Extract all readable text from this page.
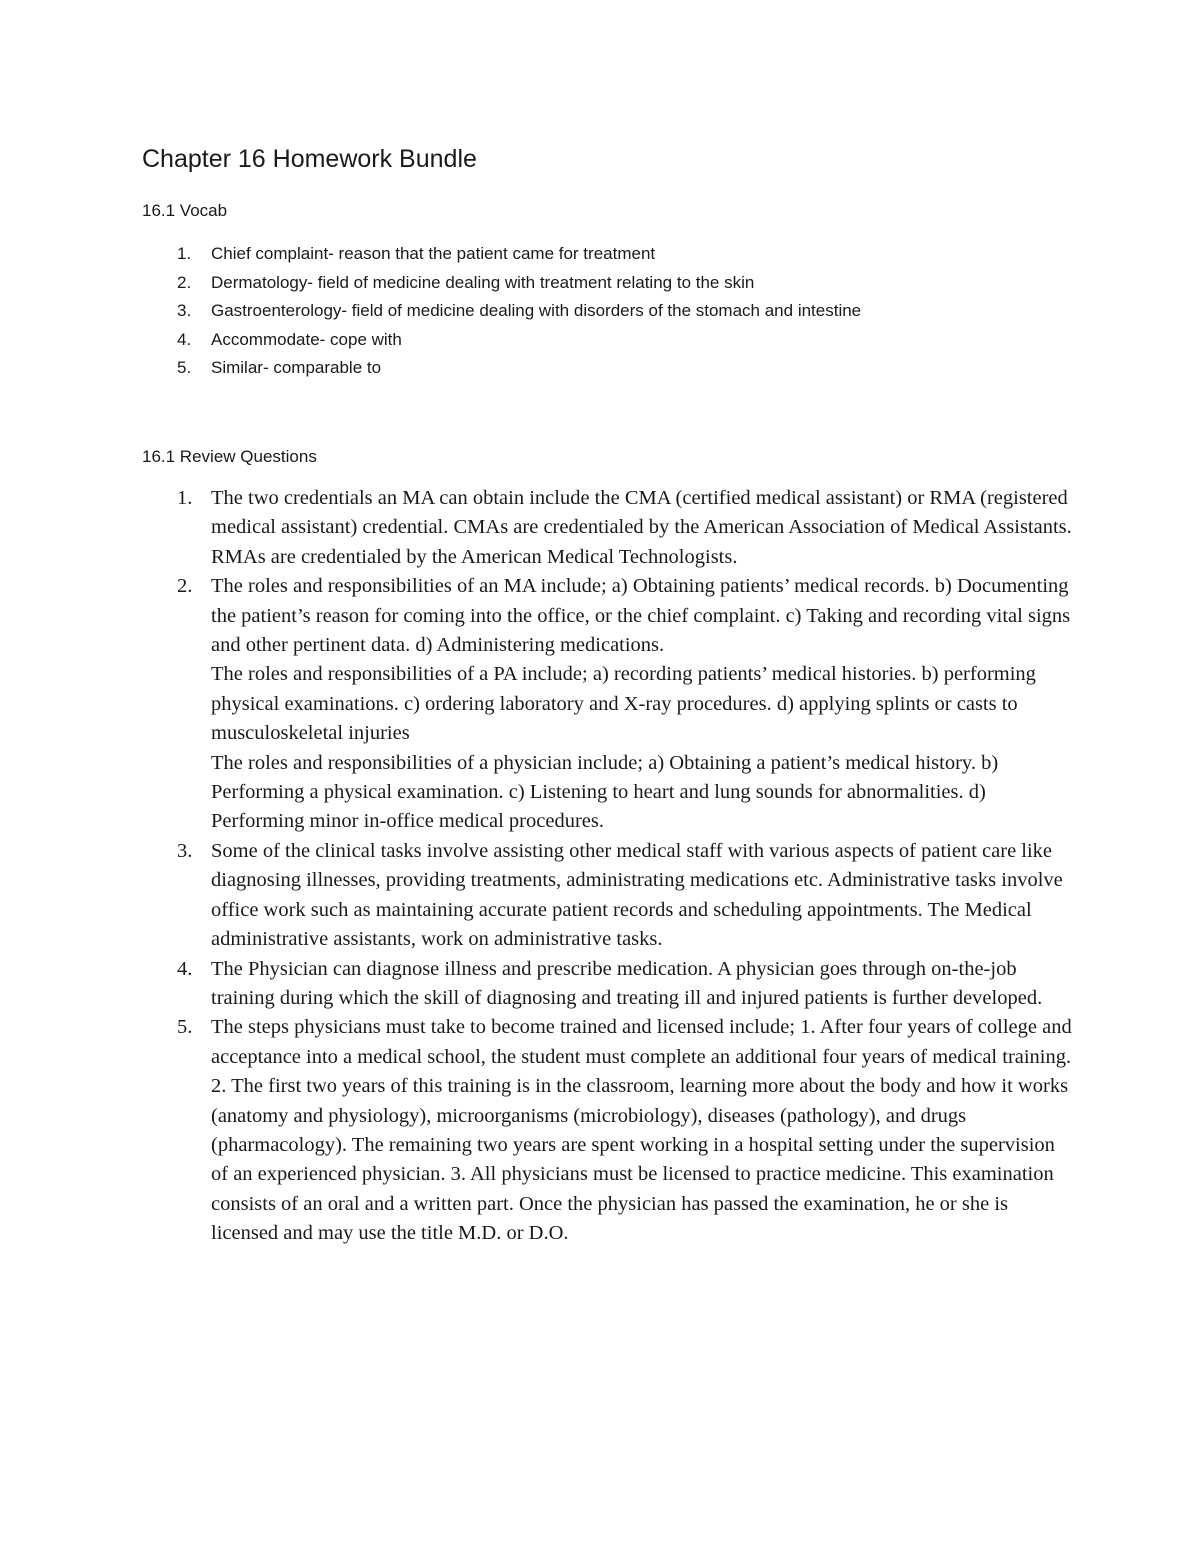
Chapter 16 Homework Bundle
16.1 Vocab
1. Chief complaint- reason that the patient came for treatment
2. Dermatology- field of medicine dealing with treatment relating to the skin
3. Gastroenterology- field of medicine dealing with disorders of the stomach and intestine
4. Accommodate- cope with
5. Similar- comparable to
16.1 Review Questions
1. The two credentials an MA can obtain include the CMA (certified medical assistant) or RMA (registered medical assistant) credential. CMAs are credentialed by the American Association of Medical Assistants. RMAs are credentialed by the American Medical Technologists.

2. The roles and responsibilities of an MA include; a) Obtaining patients’ medical records. b) Documenting the patient’s reason for coming into the office, or the chief complaint. c) Taking and recording vital signs and other pertinent data. d) Administering medications.

The roles and responsibilities of a PA include; a) recording patients’ medical histories. b) performing physical examinations. c) ordering laboratory and X-ray procedures. d) applying splints or casts to musculoskeletal injuries

The roles and responsibilities of a physician include; a) Obtaining a patient’s medical history. b) Performing a physical examination. c) Listening to heart and lung sounds for abnormalities. d) Performing minor in-office medical procedures.

3. Some of the clinical tasks involve assisting other medical staff with various aspects of patient care like diagnosing illnesses, providing treatments, administrating medications etc. Administrative tasks involve office work such as maintaining accurate patient records and scheduling appointments. The Medical administrative assistants, work on administrative tasks.

4. The Physician can diagnose illness and prescribe medication. A physician goes through on-the-job training during which the skill of diagnosing and treating ill and injured patients is further developed.

5. The steps physicians must take to become trained and licensed include; 1. After four years of college and acceptance into a medical school, the student must complete an additional four years of medical training. 2. The first two years of this training is in the classroom, learning more about the body and how it works (anatomy and physiology), microorganisms (microbiology), diseases (pathology), and drugs (pharmacology). The remaining two years are spent working in a hospital setting under the supervision of an experienced physician. 3. All physicians must be licensed to practice medicine. This examination consists of an oral and a written part. Once the physician has passed the examination, he or she is licensed and may use the title M.D. or D.O.
